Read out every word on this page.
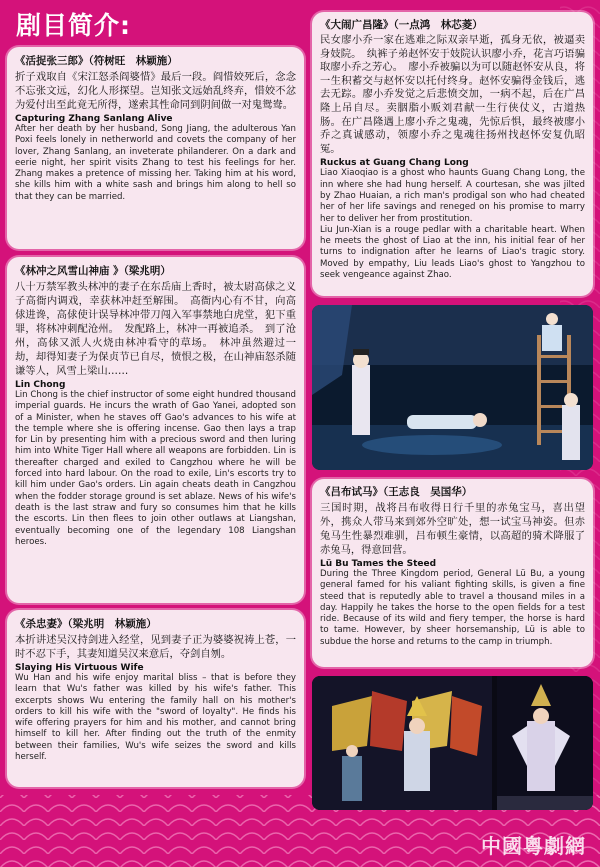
剧目简介:
《活捉张三郎》（符树旺　林颖施）
折子戏取自《宋江怒杀阎婆惜》最后一段。阎惜姣死后，念念不忘张文远，幻化人形探望。岂知张文远始乱终弃，惜姣不忿为爱付出至此竟无所得，遂索其性命同到阴间做一对鬼鸳鸯。
Capturing Zhang Sanlang Alive
After her death by her husband, Song Jiang, the adulterous Yan Poxi feels lonely in netherworld and covets the company of her lover, Zhang Sanlang, an inveterate philanderer. On a dark and eerie night, her spirit visits Zhang to test his feelings for her. Zhang makes a pretence of missing her. Taking him at his word, she kills him with a white sash and brings him along to hell so that they can be married.
《林冲之风雪山神庙 》（梁兆明）
八十万禁军教头林冲的妻子在东岳庙上香时，被太尉高俅之义子高衙内调戏，幸获林冲赶至解围。　高衙内心有不甘，向高俅进谗，高俅使计误导林冲带刀闯入军事禁地白虎堂，犯下重罪，将林冲刺配沧州。　发配路上，林冲一再被追杀。　到了沧州，高俅又派人火烧由林冲看守的草场。　林冲虽然避过一劫，却得知妻子为保贞节已自尽，愤恨之极，在山神庙怒杀随谦等人，风雪上梁山……
Lin Chong
Lin Chong is the chief instructor of some eight hundred thousand imperial guards. He incurs the wrath of Gao Yanei, adopted son of a Minister, when he staves off Gao's advances to his wife at the temple where she is offering incense. Gao then lays a trap for Lin by presenting him with a precious sword and then luring him into White Tiger Hall where all weapons are forbidden. Lin is thereafter charged and exiled to Cangzhou where he will be forced into hard labour. On the road to exile, Lin's escorts try to kill him under Gao's orders. Lin again cheats death in Cangzhou when the fodder storage ground is set ablaze. News of his wife's death is the last straw and fury so consumes him that he kills the escorts. Lin then flees to join other outlaws at Liangshan, eventually becoming one of the legendary 108 Liangshan heroes.
《杀忠妻》（梁兆明　林颖施）
本折讲述吴汉持剑进入经堂，见到妻子正为婆婆祝祷上苍，一时不忍下手，其妻知道吴汉来意后，夺剑自刎。
Slaying His Virtuous Wife
Wu Han and his wife enjoy marital bliss – that is before they learn that Wu's father was killed by his wife's father. This excerpts shows Wu entering the family hall on his mother's orders to kill his wife with the "sword of loyalty". He finds his wife offering prayers for him and his mother, and cannot bring himself to kill her. After finding out the truth of the enmity between their families, Wu's wife seizes the sword and kills herself.
《大闹广昌隆》（一点鸿　林芯菱）
民女廖小乔一家在逃难之际双亲早逝，孤身无依，被逼卖身妓院。　纨裤子弟赵怀安于妓院认识廖小乔，花言巧语骗取廖小乔之芳心。　廖小乔被骗以为可以随赵怀安从良，将一生积蓄交与赵怀安以托付终身。赵怀安骗得金钱后，逃去无踪。廖小乔发觉之后悲愤交加，一病不起，后在广昌隆上吊自尽。卖胭脂小贩刘君献一生行侠仗义，古道热肠。在广昌隆遇上廖小乔之鬼魂，先惊后惧，最终被廖小乔之真诚感动，领廖小乔之鬼魂往扬州找赵怀安复仇昭冤。
Ruckus at Guang Chang Long
Liao Xiaoqiao is a ghost who haunts Guang Chang Long, the inn where she had hung herself. A courtesan, she was jilted by Zhao Huaian, a rich man's prodigal son who had cheated her of her life savings and reneged on his promise to marry her to deliver her from prostitution.
Liu Jun-Xian is a rouge pedlar with a charitable heart. When he meets the ghost of Liao at the inn, his initial fear of her turns to indignation after he learns of Liao's tragic story. Moved by empathy, Liu leads Liao's ghost to Yangzhou to seek vengeance against Zhao.
《吕布试马》（王志良　吴国华）
三国时期，战将吕布收得日行千里的赤兔宝马，喜出望外，携众人带马来到郊外空旷处，想一试宝马神姿。但赤兔马生性暴烈难驯，吕布顿生豪情，以高超的骑术降服了赤兔马，得意回营。
Lü Bu Tames the Steed
During the Three Kingdom period, General Lü Bu, a young general famed for his valiant fighting skills, is given a fine steed that is reputedly able to travel a thousand miles in a day. Happily he takes the horse to the open fields for a test ride. Because of its wild and fiery temper, the horse is hard to tame. However, by sheer horsemanship, Lü is able to subdue the horse and returns to the camp in triumph.
中國粵劇網
